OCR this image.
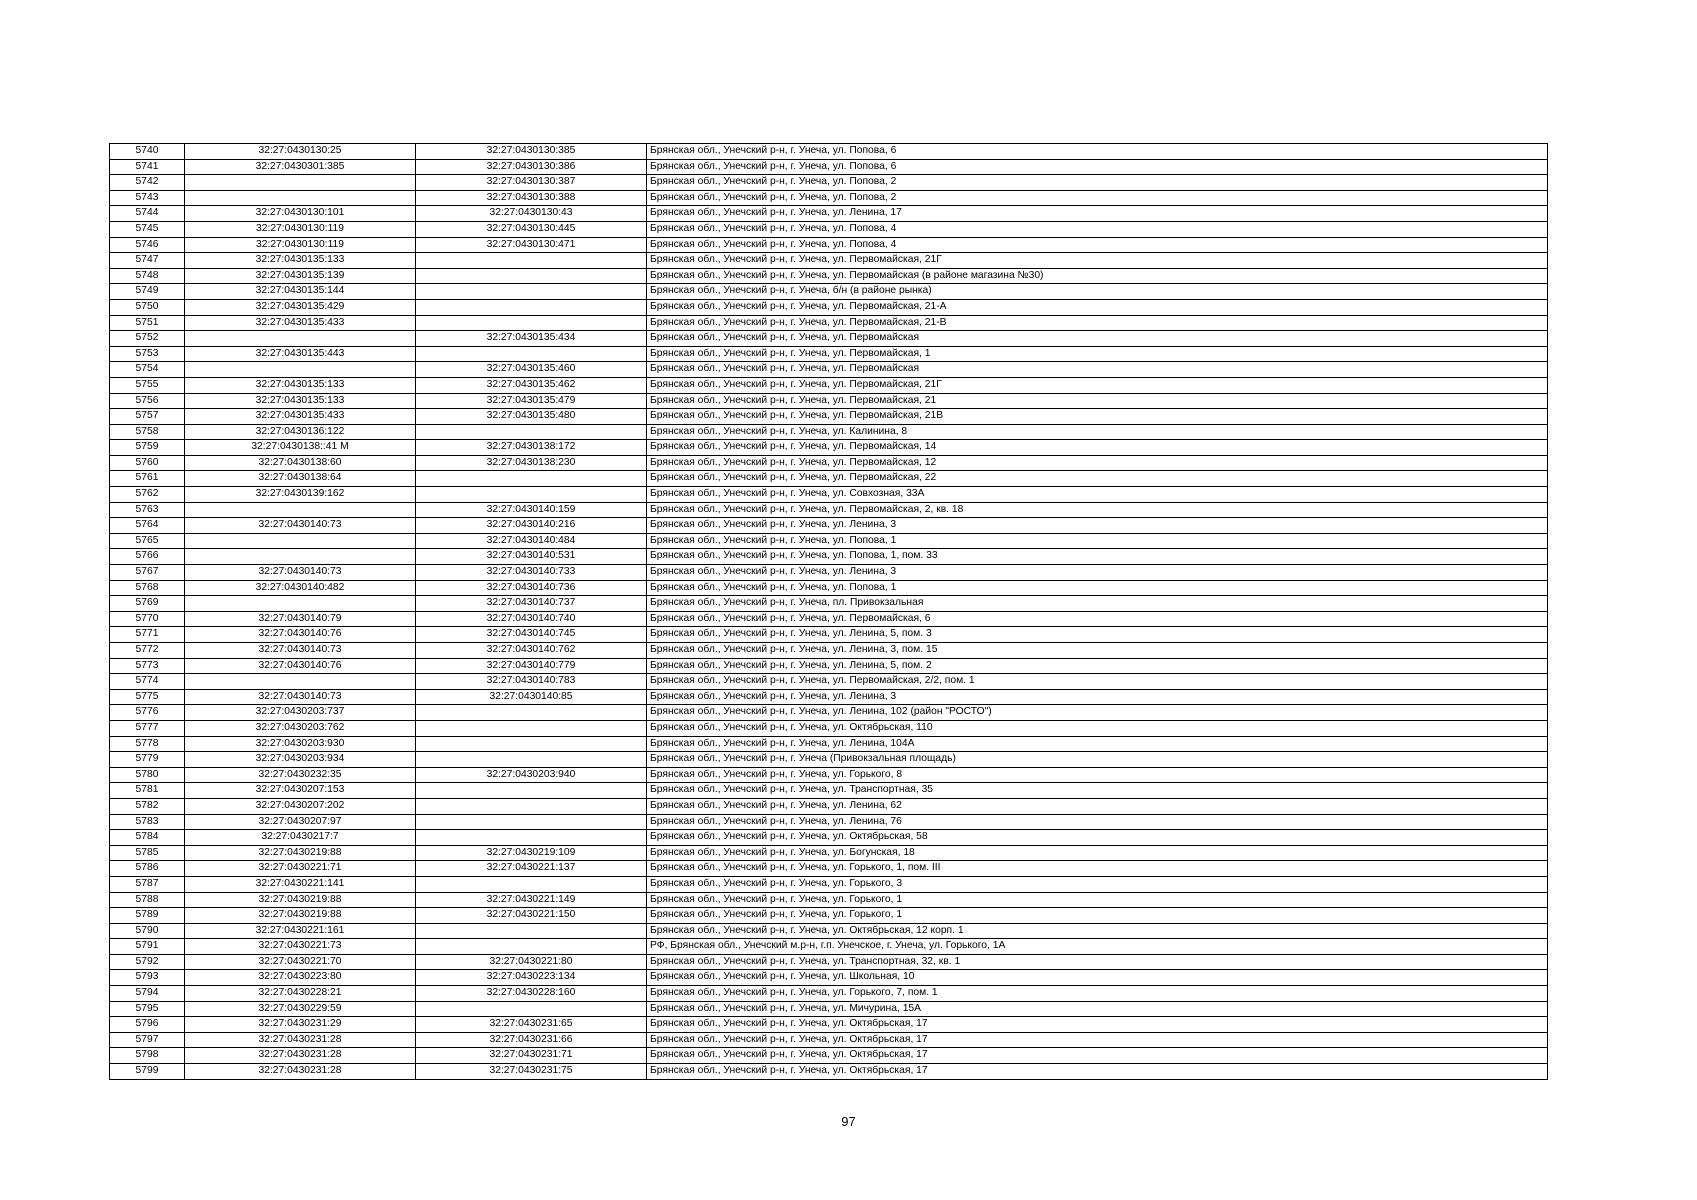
5740	32:27:0430130:25	32:27:0430130:385	Брянская обл., Унечский р-н, г. Унеча, ул. Попова, 6
5741	32:27:0430301:385	32:27:0430130:386	Брянская обл., Унечский р-н, г. Унеча, ул. Попова, 6
5742		32:27:0430130:387	Брянская обл., Унечский р-н, г. Унеча, ул. Попова, 2
5743		32:27:0430130:388	Брянская обл., Унечский р-н, г. Унеча, ул. Попова, 2
5744	32:27:0430130:101	32:27:0430130:43	Брянская обл., Унечский р-н, г. Унеча, ул. Ленина, 17
5745	32:27:0430130:119	32:27:0430130:445	Брянская обл., Унечский р-н, г. Унеча, ул. Попова, 4
5746	32:27:0430130:119	32:27:0430130:471	Брянская обл., Унечский р-н, г. Унеча, ул. Попова, 4
5747	32:27:0430135:133		Брянская обл., Унечский р-н, г. Унеча, ул. Первомайская, 21Г
5748	32:27:0430135:139		Брянская обл., Унечский р-н, г. Унеча, ул. Первомайская (в районе магазина №30)
5749	32:27:0430135:144		Брянская обл., Унечский р-н, г. Унеча, б/н (в районе рынка)
5750	32:27:0430135:429		Брянская обл., Унечский р-н, г. Унеча, ул. Первомайская, 21-А
5751	32:27:0430135:433		Брянская обл., Унечский р-н, г. Унеча, ул. Первомайская, 21-В
5752		32:27:0430135:434	Брянская обл., Унечский р-н, г. Унеча, ул. Первомайская
5753	32:27:0430135:443		Брянская обл., Унечский р-н, г. Унеча, ул. Первомайская, 1
5754		32:27:0430135:460	Брянская обл., Унечский р-н, г. Унеча, ул. Первомайская
5755	32:27:0430135:133	32:27:0430135:462	Брянская обл., Унечский р-н, г. Унеча, ул. Первомайская, 21Г
5756	32:27:0430135:133	32:27:0430135:479	Брянская обл., Унечский р-н, г. Унеча, ул. Первомайская, 21
5757	32:27:0430135:433	32:27:0430135:480	Брянская обл., Унечский р-н, г. Унеча, ул. Первомайская, 21В
5758	32:27:0430136:122		Брянская обл., Унечский р-н, г. Унеча, ул. Калинина, 8
5759	32:27:0430138::41 М	32:27:0430138:172	Брянская обл., Унечский р-н, г. Унеча, ул. Первомайская, 14
5760	32:27:0430138:60	32:27:0430138:230	Брянская обл., Унечский р-н, г. Унеча, ул. Первомайская, 12
5761	32:27:0430138:64		Брянская обл., Унечский р-н, г. Унеча, ул. Первомайская, 22
5762	32:27:0430139:162		Брянская обл., Унечский р-н, г. Унеча, ул. Совхозная, 33А
5763		32:27:0430140:159	Брянская обл., Унечский р-н, г. Унеча, ул. Первомайская, 2, кв. 18
5764	32:27:0430140:73	32:27:0430140:216	Брянская обл., Унечский р-н, г. Унеча, ул. Ленина, 3
5765		32:27:0430140:484	Брянская обл., Унечский р-н, г. Унеча, ул. Попова, 1
5766		32:27:0430140:531	Брянская обл., Унечский р-н, г. Унеча, ул. Попова, 1, пом. 33
5767	32:27:0430140:73	32:27:0430140:733	Брянская обл., Унечский р-н, г. Унеча, ул. Ленина, 3
5768	32:27:0430140:482	32:27:0430140:736	Брянская обл., Унечский р-н, г. Унеча, ул. Попова, 1
5769		32:27:0430140:737	Брянская обл., Унечский р-н, г. Унеча, пл. Привокзальная
5770	32:27:0430140:79	32:27:0430140:740	Брянская обл., Унечский р-н, г. Унеча, ул. Первомайская, 6
5771	32:27:0430140:76	32:27:0430140:745	Брянская обл., Унечский р-н, г. Унеча, ул. Ленина, 5, пом. 3
5772	32:27:0430140:73	32:27:0430140:762	Брянская обл., Унечский р-н, г. Унеча, ул. Ленина, 3, пом. 15
5773	32:27:0430140:76	32:27:0430140:779	Брянская обл., Унечский р-н, г. Унеча, ул. Ленина, 5, пом. 2
5774		32:27:0430140:783	Брянская обл., Унечский р-н, г. Унеча, ул. Первомайская, 2/2, пом. 1
5775	32:27:0430140:73	32:27:0430140:85	Брянская обл., Унечский р-н, г. Унеча, ул. Ленина, 3
5776	32:27:0430203:737		Брянская обл., Унечский р-н, г. Унеча, ул. Ленина, 102 (район "РОСТО")
5777	32:27:0430203:762		Брянская обл., Унечский р-н, г. Унеча, ул. Октябрьская, 110
5778	32:27:0430203:930		Брянская обл., Унечский р-н, г. Унеча, ул. Ленина, 104А
5779	32:27:0430203:934		Брянская обл., Унечский р-н, г. Унеча (Привокзальная площадь)
5780	32:27:0430232:35	32:27:0430203:940	Брянская обл., Унечский р-н, г. Унеча, ул. Горького, 8
5781	32:27:0430207:153		Брянская обл., Унечский р-н, г. Унеча, ул. Транспортная, 35
5782	32:27:0430207:202		Брянская обл., Унечский р-н, г. Унеча, ул. Ленина, 62
5783	32:27:0430207:97		Брянская обл., Унечский р-н, г. Унеча, ул. Ленина, 76
5784	32:27:0430217:7		Брянская обл., Унечский р-н, г. Унеча, ул. Октябрьская, 58
5785	32:27:0430219:88	32:27:0430219:109	Брянская обл., Унечский р-н, г. Унеча, ул. Богунская, 18
5786	32:27:0430221:71	32:27:0430221:137	Брянская обл., Унечский р-н, г. Унеча, ул. Горького, 1, пом. III
5787	32:27:0430221:141		Брянская обл., Унечский р-н, г. Унеча, ул. Горького, 3
5788	32:27:0430219:88	32:27:0430221:149	Брянская обл., Унечский р-н, г. Унеча, ул. Горького, 1
5789	32:27:0430219:88	32:27:0430221:150	Брянская обл., Унечский р-н, г. Унеча, ул. Горького, 1
5790	32:27:0430221:161		Брянская обл., Унечский р-н, г. Унеча, ул. Октябрьская, 12 корп. 1
5791	32:27:0430221:73		РФ, Брянская обл., Унечский м.р-н, г.п. Унечское, г. Унеча, ул. Горького, 1А
5792	32:27:0430221:70	32:27:0430221:80	Брянская обл., Унечский р-н, г. Унеча, ул. Транспортная, 32, кв. 1
5793	32:27:0430223:80	32:27:0430223:134	Брянская обл., Унечский р-н, г. Унеча, ул. Школьная, 10
5794	32:27:0430228:21	32:27:0430228:160	Брянская обл., Унечский р-н, г. Унеча, ул. Горького, 7, пом. 1
5795	32:27:0430229:59		Брянская обл., Унечский р-н, г. Унеча, ул. Мичурина, 15А
5796	32:27:0430231:29	32:27:0430231:65	Брянская обл., Унечский р-н, г. Унеча, ул. Октябрьская, 17
5797	32:27:0430231:28	32:27:0430231:66	Брянская обл., Унечский р-н, г. Унеча, ул. Октябрьская, 17
5798	32:27:0430231:28	32:27:0430231:71	Брянская обл., Унечский р-н, г. Унеча, ул. Октябрьская, 17
5799	32:27:0430231:28	32:27:0430231:75	Брянская обл., Унечский р-н, г. Унеча, ул. Октябрьская, 17
97
